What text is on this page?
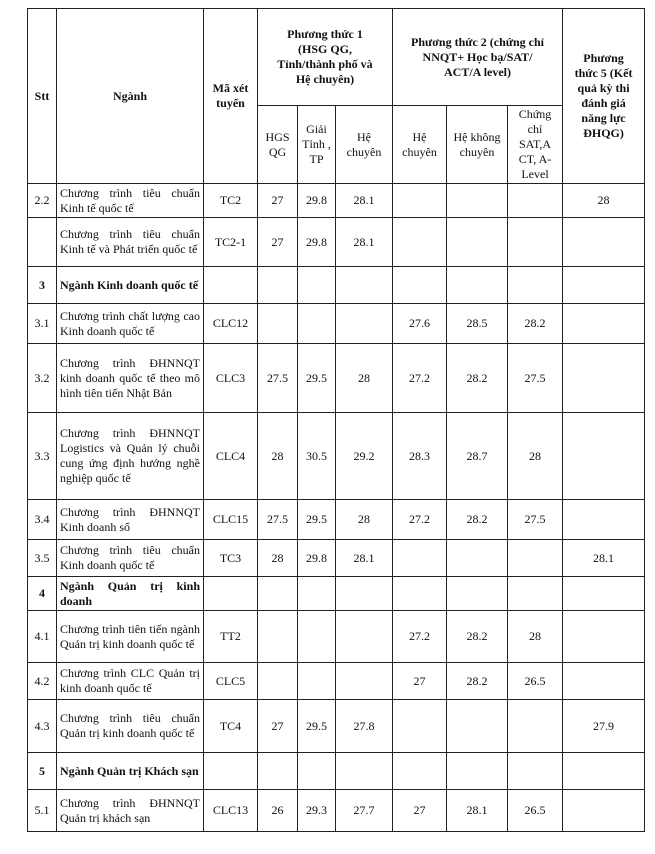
Stt	Ngành	Mã xét tuyển	Phương thức 1 (HSG QG, Tỉnh/thành phố và Hệ chuyên)			Phương thức 2 (chứng chỉ NNQT+ Học bạ/SAT/ ACT/A level)			Phương thức 5 (Kết quả kỳ thi đánh giá năng lực ĐHQG)
			HGS QG	Giải Tỉnh , TP	Hệ chuyên	Hệ chuyên	Hệ không chuyên	Chứng chỉ SAT,A CT, A-Level	
2.2	Chương trình tiêu chuẩn Kinh tế quốc tế	TC2	27	29.8	28.1				28
	Chương trình tiêu chuẩn Kinh tế và Phát triển quốc tế	TC2-1	27	29.8	28.1				
3	Ngành Kinh doanh quốc tế								
3.1	Chương trình chất lượng cao Kinh doanh quốc tế	CLC12				27.6	28.5	28.2	
3.2	Chương trình ĐHNNQT kinh doanh quốc tế theo mô hình tiên tiến Nhật Bản	CLC3	27.5	29.5	28	27.2	28.2	27.5	
3.3	Chương trình ĐHNNQT Logistics và Quản lý chuỗi cung ứng định hướng nghề nghiệp quốc tế	CLC4	28	30.5	29.2	28.3	28.7	28	
3.4	Chương trình ĐHNNQT Kinh doanh số	CLC15	27.5	29.5	28	27.2	28.2	27.5	
3.5	Chương trình tiêu chuẩn Kinh doanh quốc tế	TC3	28	29.8	28.1				28.1
4	Ngành Quản trị kinh doanh								
4.1	Chương trình tiên tiến ngành Quản trị kinh doanh quốc tế	TT2				27.2	28.2	28	
4.2	Chương trình CLC Quản trị kinh doanh quốc tế	CLC5				27	28.2	26.5	
4.3	Chương trình tiêu chuẩn Quản trị kinh doanh quốc tế	TC4	27	29.5	27.8				27.9
5	Ngành Quản trị Khách sạn								
5.1	Chương trình ĐHNNQT Quản trị khách sạn	CLC13	26	29.3	27.7	27	28.1	26.5	
